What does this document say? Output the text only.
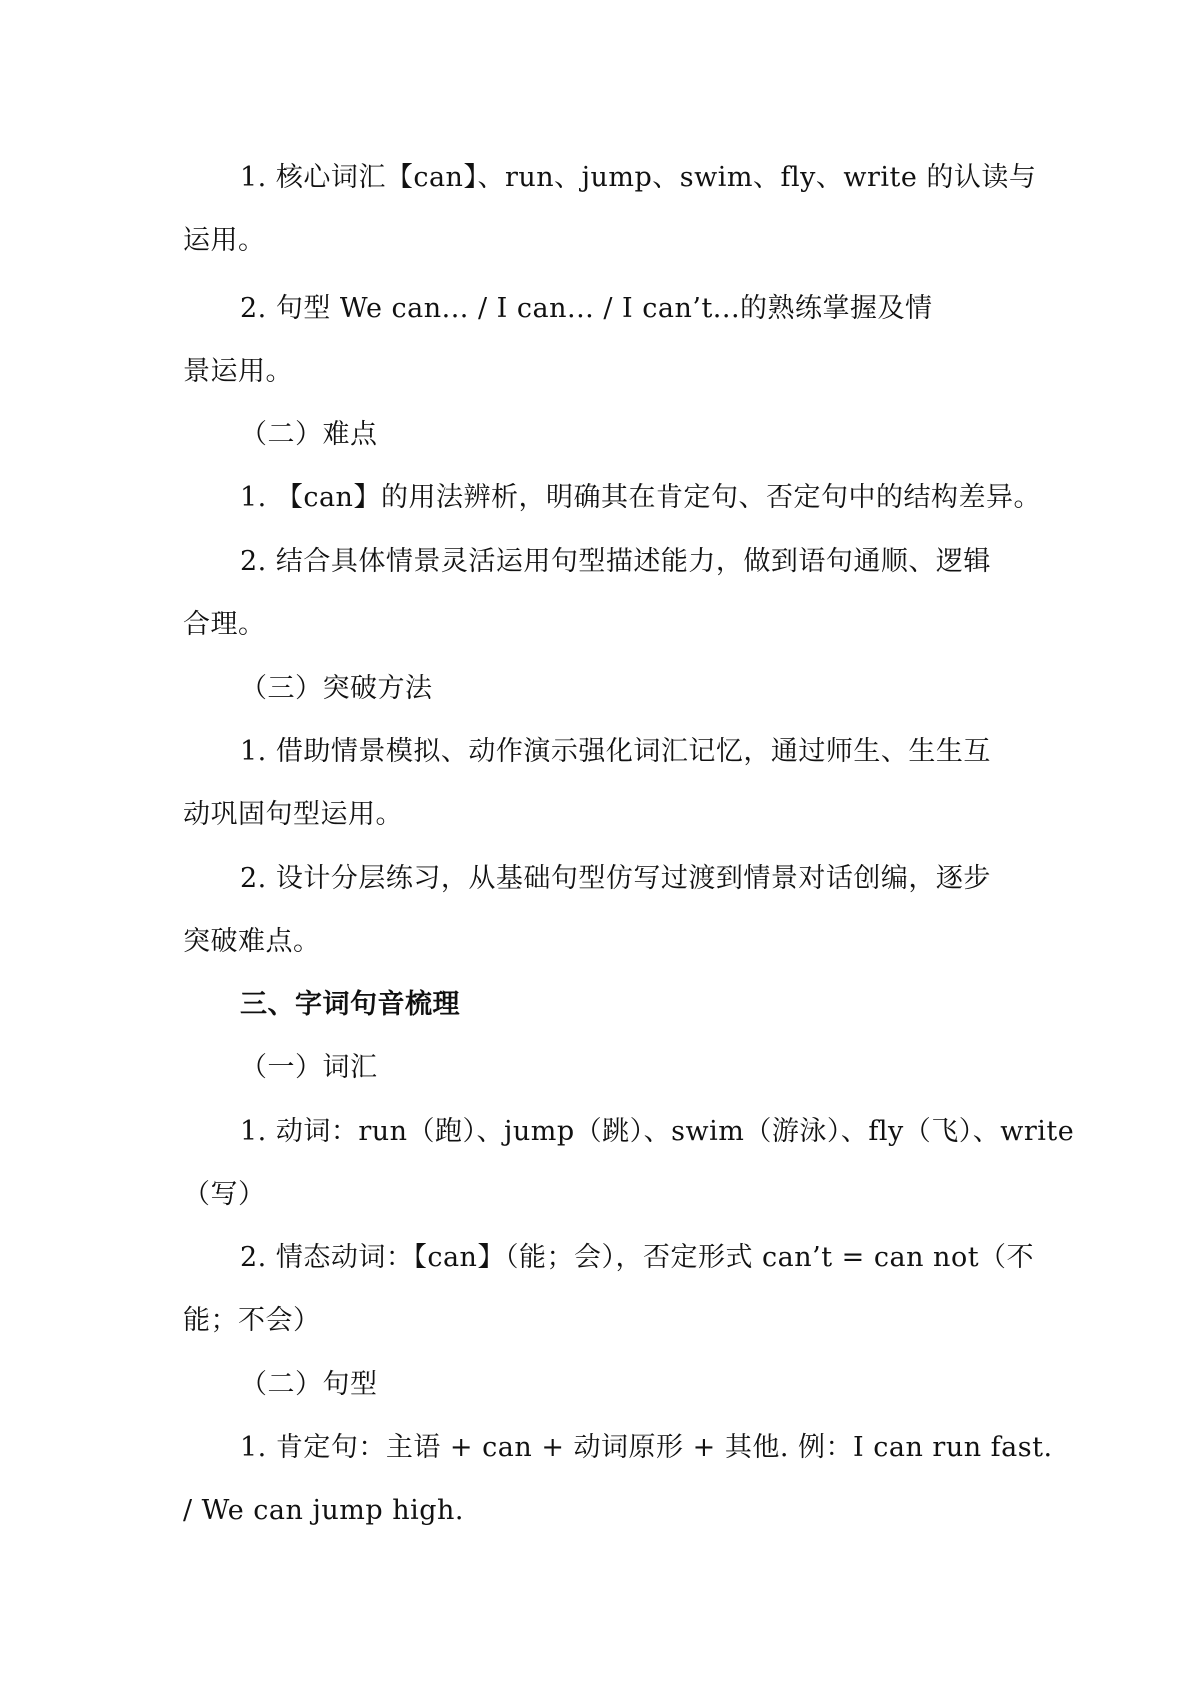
1. 核心词汇【can】、run、jump、swim、fly、write 的认读与
运用。
2. 句型 We can... / I can... / I can’t...的熟练掌握及情
景运用。
（二）难点
1. 【can】的用法辨析，明确其在肯定句、否定句中的结构差异。
2. 结合具体情景灵活运用句型描述能力，做到语句通顺、逻辑
合理。
（三）突破方法
1. 借助情景模拟、动作演示强化词汇记忆，通过师生、生生互
动巩固句型运用。
2. 设计分层练习，从基础句型仿写过渡到情景对话创编，逐步
突破难点。
三、字词句音梳理
（一）词汇
1. 动词：run（跑）、jump（跳）、swim（游泳）、fly（飞）、write
（写）
2. 情态动词：【can】（能；会），否定形式 can’t = can not（不
能；不会）
（二）句型
1. 肯定句：主语 + can + 动词原形 + 其他. 例：I can run fast.
/ We can jump high.
